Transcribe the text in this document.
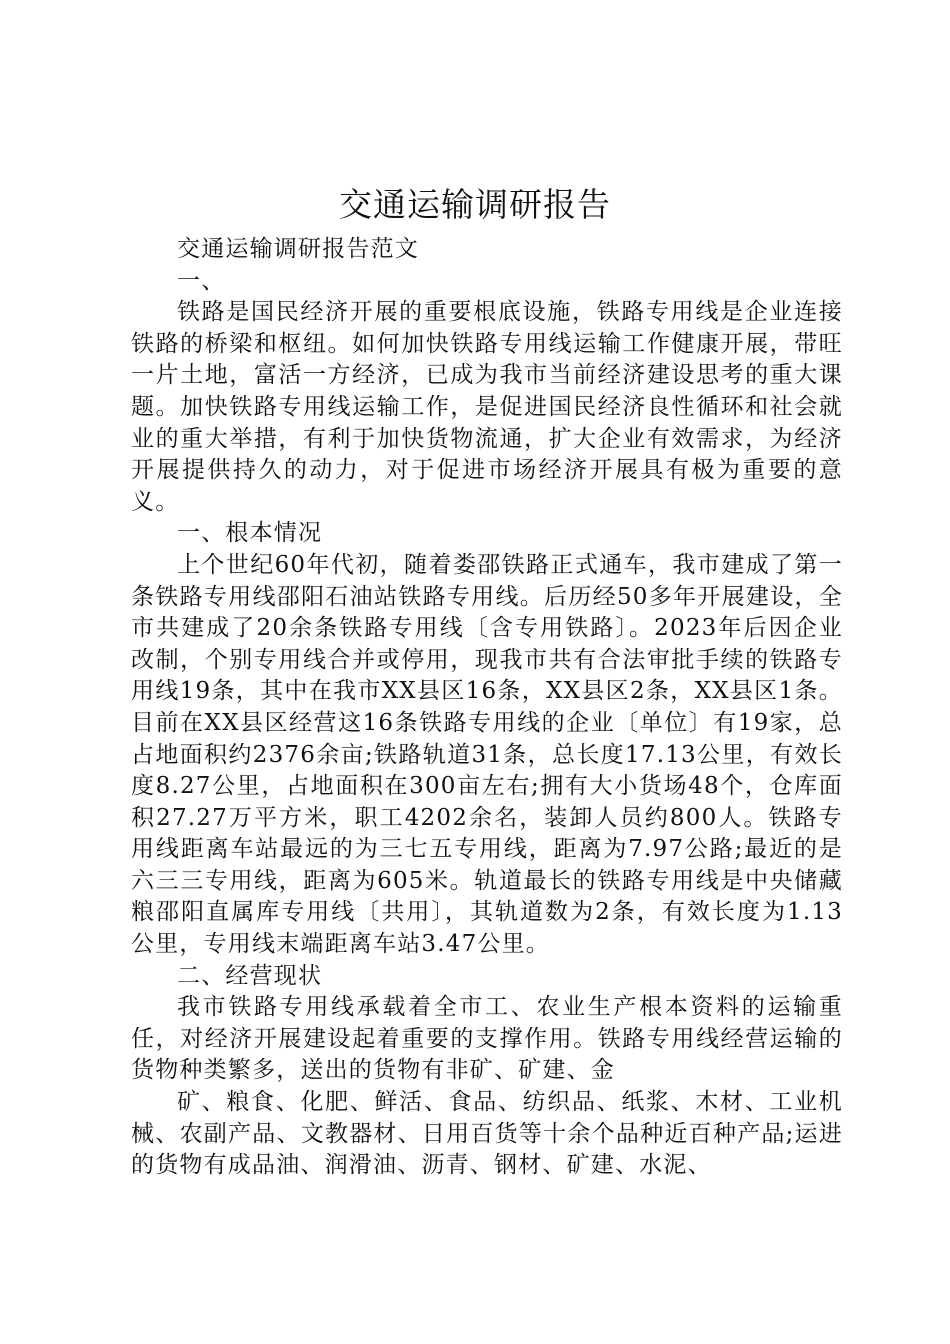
交通运输调研报告

交通运输调研报告范文

一、

铁路是国民经济开展的重要根底设施，铁路专用线是企业连接铁路的桥梁和枢纽。如何加快铁路专用线运输工作健康开展，带旺一片土地，富活一方经济，已成为我市当前经济建设思考的重大课题。加快铁路专用线运输工作，是促进国民经济良性循环和社会就业的重大举措，有利于加快货物流通，扩大企业有效需求，为经济开展提供持久的动力，对于促进市场经济开展具有极为重要的意义。

一、根本情况

上个世纪60年代初，随着娄邵铁路正式通车，我市建成了第一条铁路专用线邵阳石油站铁路专用线。后历经50多年开展建设，全市共建成了20余条铁路专用线〔含专用铁路〕。2023年后因企业改制，个别专用线合并或停用，现我市共有合法审批手续的铁路专用线19条，其中在我市XX县区16条，XX县区2条，XX县区1条。目前在XX县区经营这16条铁路专用线的企业〔单位〕有19家，总占地面积约2376余亩;铁路轨道31条，总长度17.13公里，有效长度8.27公里，占地面积在300亩左右;拥有大小货场48个，仓库面积27.27万平方米，职工4202余名，装卸人员约800人。铁路专用线距离车站最远的为三七五专用线，距离为7.97公路;最近的是六三三专用线，距离为605米。轨道最长的铁路专用线是中央储藏粮邵阳直属库专用线〔共用〕，其轨道数为2条，有效长度为1.13公里，专用线末端距离车站3.47公里。

二、经营现状

我市铁路专用线承载着全市工、农业生产根本资料的运输重任，对经济开展建设起着重要的支撑作用。铁路专用线经营运输的货物种类繁多，送出的货物有非矿、矿建、金

矿、粮食、化肥、鲜活、食品、纺织品、纸浆、木材、工业机械、农副产品、文教器材、日用百货等十余个品种近百种产品;运进的货物有成品油、润滑油、沥青、钢材、矿建、水泥、
